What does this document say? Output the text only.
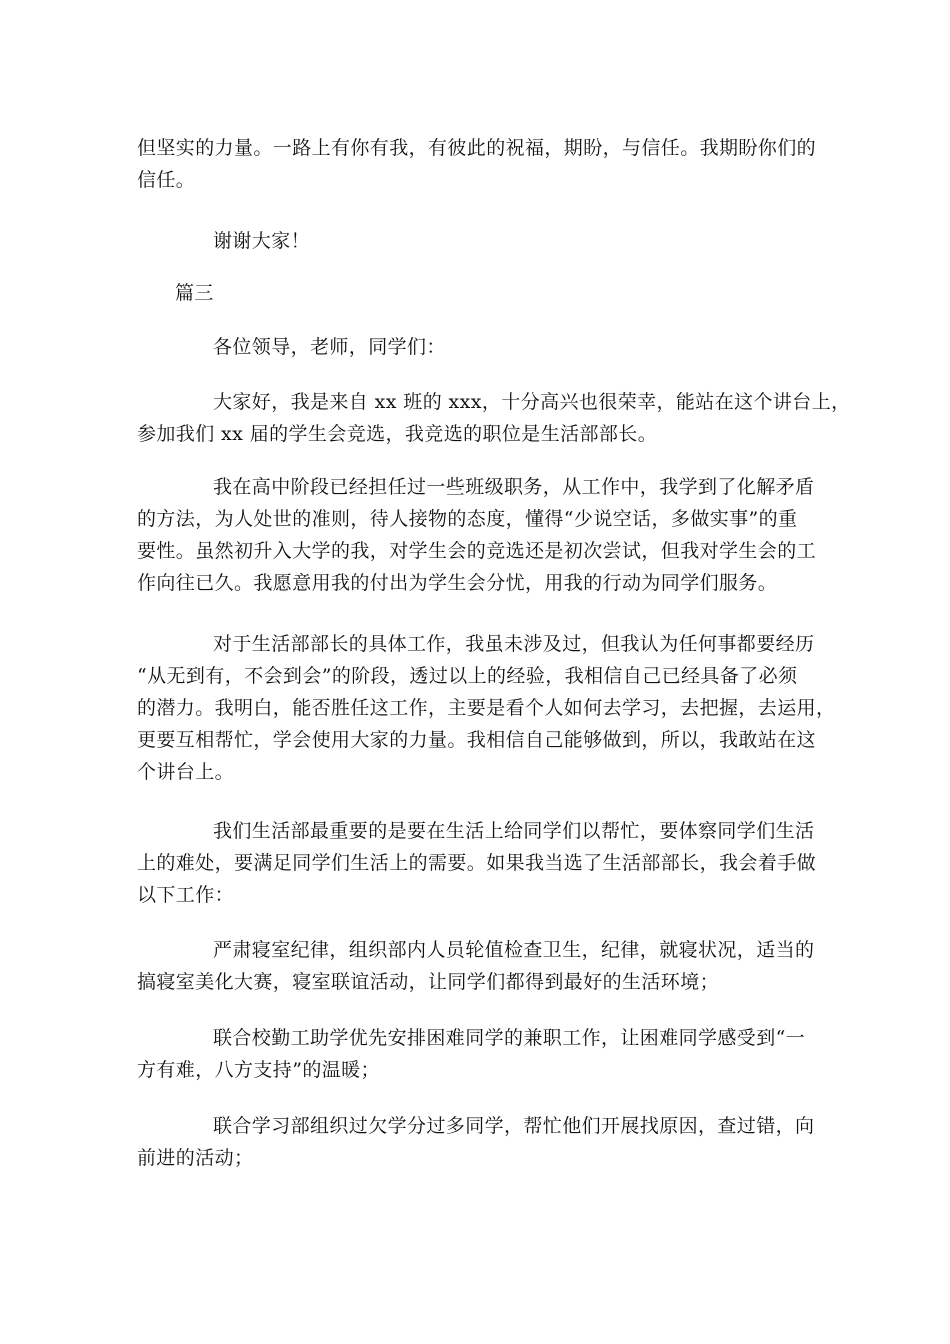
但坚实的力量。一路上有你有我，有彼此的祝福，期盼，与信任。我期盼你们的
信任。

谢谢大家！

篇三

各位领导，老师，同学们：

大家好，我是来自 xx 班的 xxx，十分高兴也很荣幸，能站在这个讲台上，
参加我们 xx 届的学生会竞选，我竞选的职位是生活部部长。

我在高中阶段已经担任过一些班级职务，从工作中，我学到了化解矛盾
的方法，为人处世的准则，待人接物的态度，懂得“少说空话，多做实事”的重
要性。虽然初升入大学的我，对学生会的竞选还是初次尝试，但我对学生会的工
作向往已久。我愿意用我的付出为学生会分忧，用我的行动为同学们服务。

对于生活部部长的具体工作，我虽未涉及过，但我认为任何事都要经历
“从无到有，不会到会”的阶段，透过以上的经验，我相信自己已经具备了必须
的潜力。我明白，能否胜任这工作，主要是看个人如何去学习，去把握，去运用，
更要互相帮忙，学会使用大家的力量。我相信自己能够做到，所以，我敢站在这
个讲台上。

我们生活部最重要的是要在生活上给同学们以帮忙，要体察同学们生活
上的难处，要满足同学们生活上的需要。如果我当选了生活部部长，我会着手做
以下工作：

严肃寝室纪律，组织部内人员轮值检查卫生，纪律，就寝状况，适当的
搞寝室美化大赛，寝室联谊活动，让同学们都得到最好的生活环境；

联合校勤工助学优先安排困难同学的兼职工作，让困难同学感受到“一
方有难，八方支持”的温暖；

联合学习部组织过欠学分过多同学，帮忙他们开展找原因，查过错，向
前进的活动；
